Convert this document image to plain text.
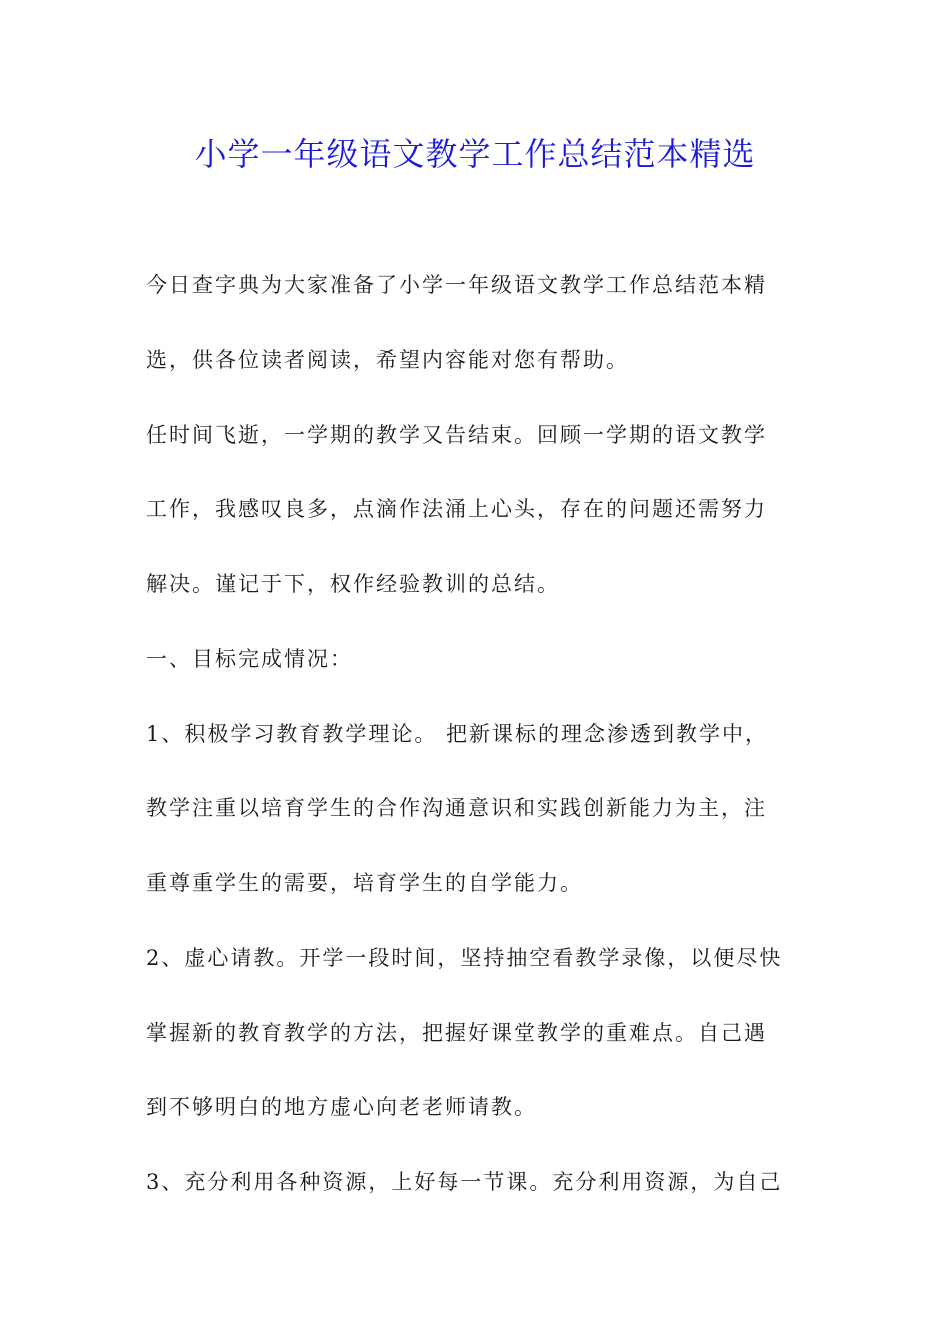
小学一年级语文教学工作总结范本精选
今日查字典为大家准备了小学一年级语文教学工作总结范本精
选，供各位读者阅读，希望内容能对您有帮助。
任时间飞逝，一学期的教学又告结束。回顾一学期的语文教学
工作，我感叹良多，点滴作法涌上心头，存在的问题还需努力
解决。谨记于下，权作经验教训的总结。
一、目标完成情况：
1、积极学习教育教学理论。 把新课标的理念渗透到教学中，
教学注重以培育学生的合作沟通意识和实践创新能力为主，注
重尊重学生的需要，培育学生的自学能力。
2、虚心请教。开学一段时间，坚持抽空看教学录像，以便尽快
掌握新的教育教学的方法，把握好课堂教学的重难点。自己遇
到不够明白的地方虚心向老老师请教。
3、充分利用各种资源，上好每一节课。充分利用资源，为自己
